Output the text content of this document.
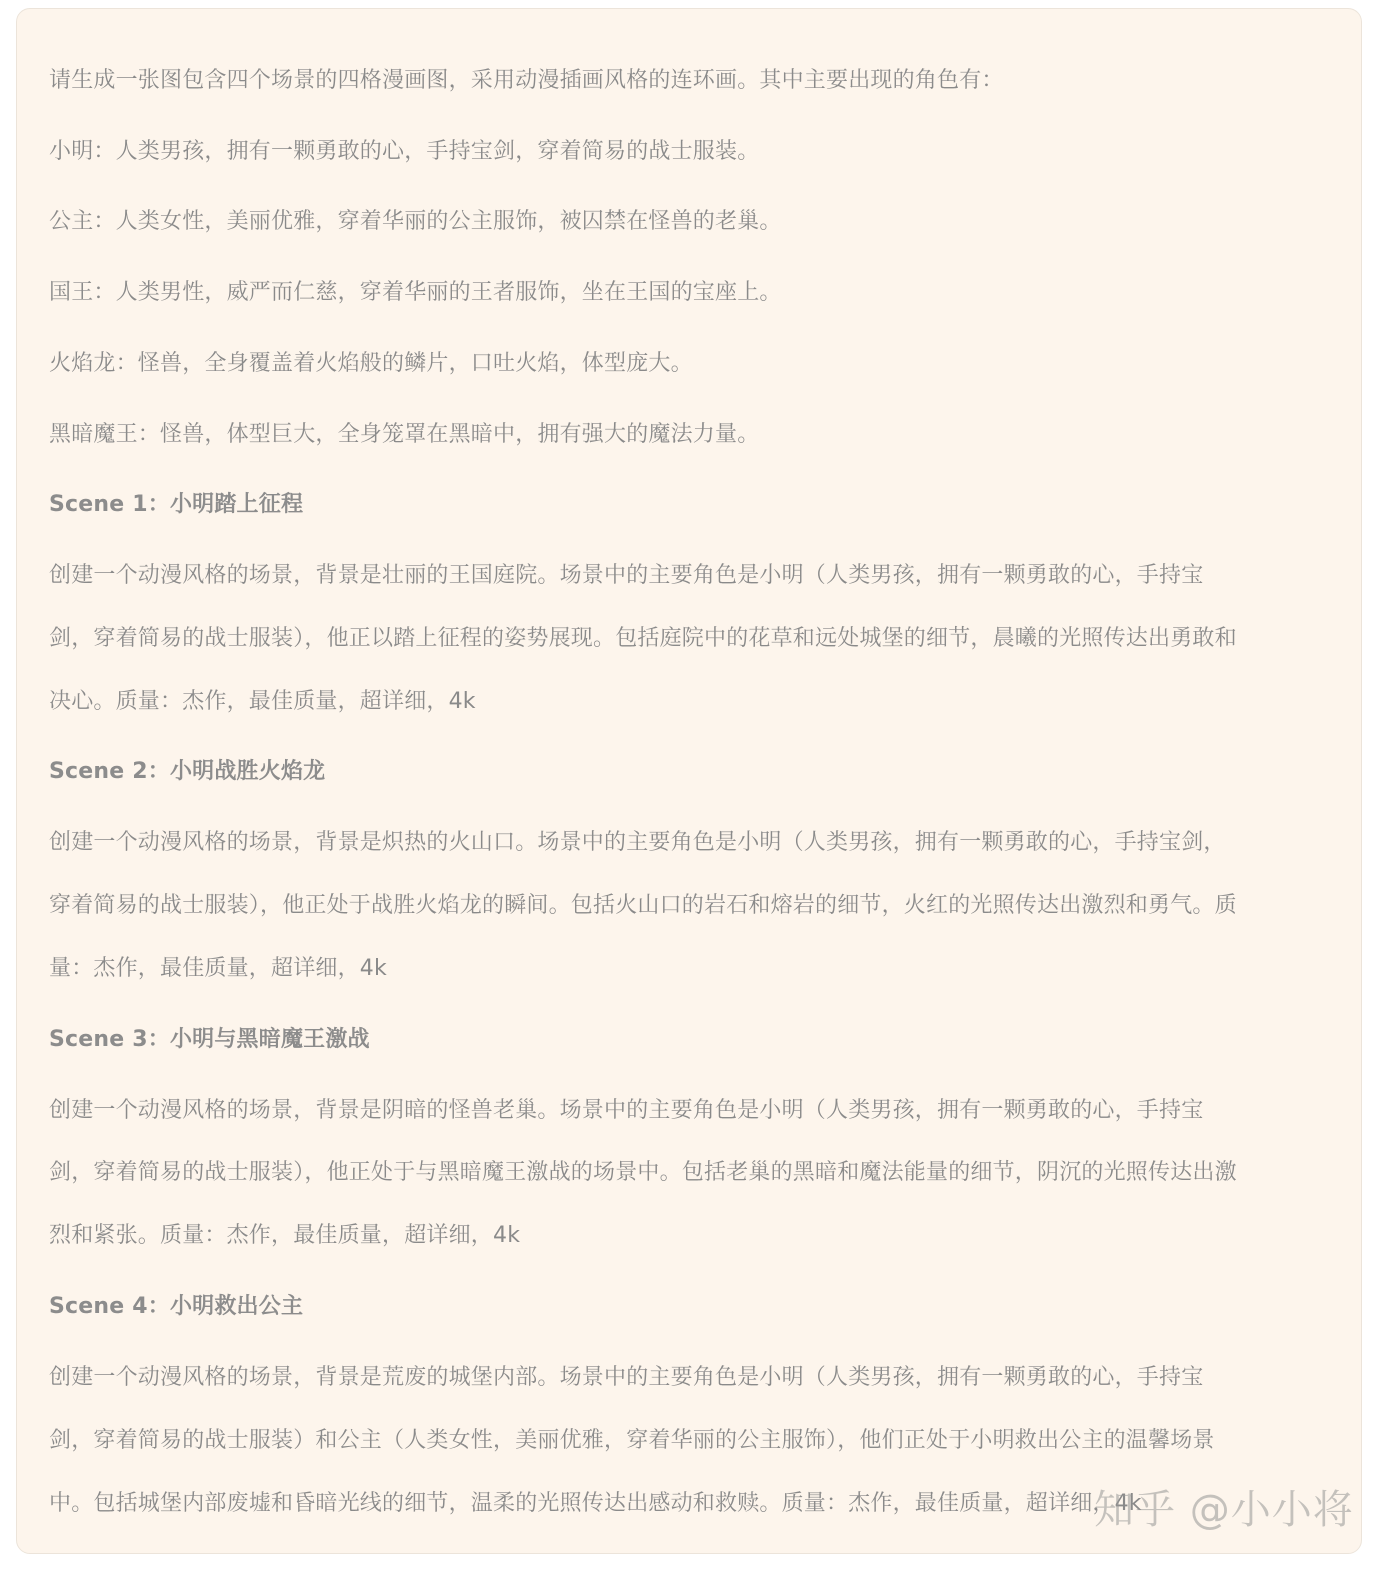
请生成一张图包含四个场景的四格漫画图，采用动漫插画风格的连环画。其中主要出现的角色有：
小明：人类男孩，拥有一颗勇敢的心，手持宝剑，穿着简易的战士服装。
公主：人类女性，美丽优雅，穿着华丽的公主服饰，被囚禁在怪兽的老巢。
国王：人类男性，威严而仁慈，穿着华丽的王者服饰，坐在王国的宝座上。
火焰龙：怪兽，全身覆盖着火焰般的鳞片，口吐火焰，体型庞大。
黑暗魔王：怪兽，体型巨大，全身笼罩在黑暗中，拥有强大的魔法力量。
Scene 1：小明踏上征程
创建一个动漫风格的场景，背景是壮丽的王国庭院。场景中的主要角色是小明（人类男孩，拥有一颗勇敢的心，手持宝
剑，穿着简易的战士服装），他正以踏上征程的姿势展现。包括庭院中的花草和远处城堡的细节，晨曦的光照传达出勇敢和
决心。质量：杰作，最佳质量，超详细，4k
Scene 2：小明战胜火焰龙
创建一个动漫风格的场景，背景是炽热的火山口。场景中的主要角色是小明（人类男孩，拥有一颗勇敢的心，手持宝剑，
穿着简易的战士服装），他正处于战胜火焰龙的瞬间。包括火山口的岩石和熔岩的细节，火红的光照传达出激烈和勇气。质
量：杰作，最佳质量，超详细，4k
Scene 3：小明与黑暗魔王激战
创建一个动漫风格的场景，背景是阴暗的怪兽老巢。场景中的主要角色是小明（人类男孩，拥有一颗勇敢的心，手持宝
剑，穿着简易的战士服装），他正处于与黑暗魔王激战的场景中。包括老巢的黑暗和魔法能量的细节，阴沉的光照传达出激
烈和紧张。质量：杰作，最佳质量，超详细，4k
Scene 4：小明救出公主
创建一个动漫风格的场景，背景是荒废的城堡内部。场景中的主要角色是小明（人类男孩，拥有一颗勇敢的心，手持宝
剑，穿着简易的战士服装）和公主（人类女性，美丽优雅，穿着华丽的公主服饰），他们正处于小明救出公主的温馨场景
中。包括城堡内部废墟和昏暗光线的细节，温柔的光照传达出感动和救赎。质量：杰作，最佳质量，超详细，4k
知乎 @小小将
